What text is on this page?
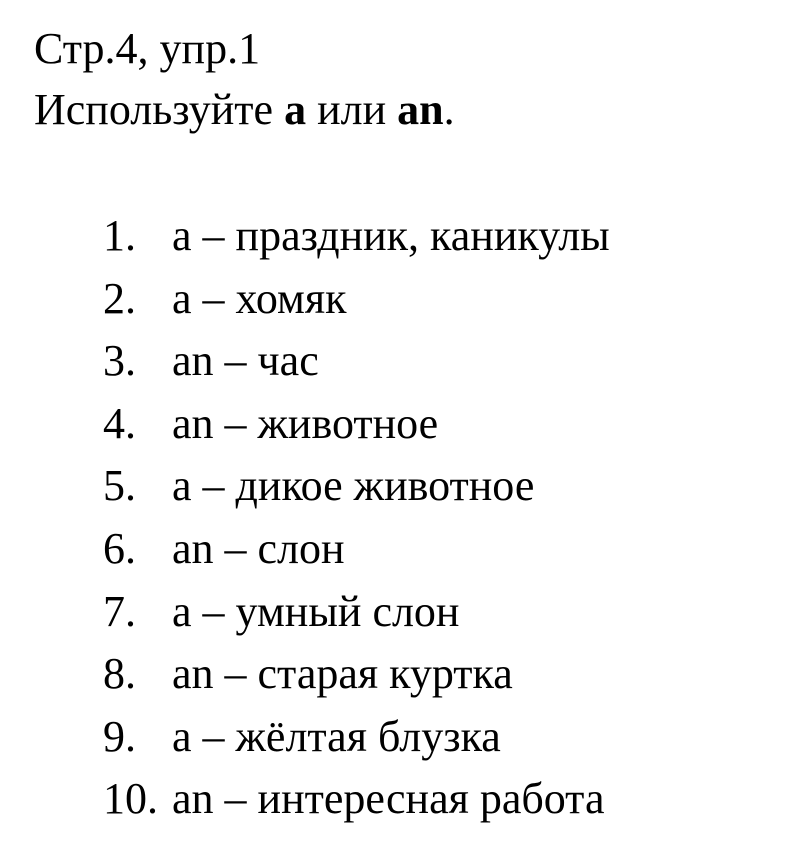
Стр.4, упр.1
Используйте a или an.
1. a – праздник, каникулы
2. a – хомяк
3. an – час
4. an – животное
5. a – дикое животное
6. an – слон
7. a – умный слон
8. an – старая куртка
9. a – жёлтая блузка
10. an – интересная работа
